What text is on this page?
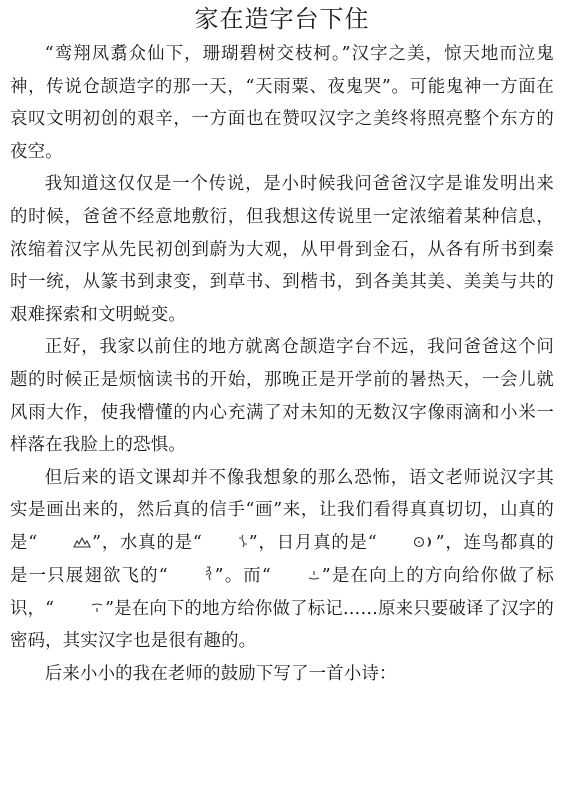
家在造字台下住

“鸾翔凤翥众仙下，珊瑚碧树交枝柯。”汉字之美，惊天地而泣鬼神，传说仓颉造字的那一天，“天雨粟、夜鬼哭”。可能鬼神一方面在哀叹文明初创的艰辛，一方面也在赞叹汉字之美终将照亮整个东方的夜空。

我知道这仅仅是一个传说，是小时候我问爸爸汉字是谁发明出来的时候，爸爸不经意地敷衍，但我想这传说里一定浓缩着某种信息，浓缩着汉字从先民初创到蔚为大观，从甲骨到金石，从各有所书到秦时一统，从篆书到隶变，到草书、到楷书，到各美其美、美美与共的艰难探索和文明蜕变。

正好，我家以前住的地方就离仓颉造字台不远，我问爸爸这个问题的时候正是烦恼读书的开始，那晚正是开学前的暑热天，一会儿就风雨大作，使我懵懂的内心充满了对未知的无数汉字像雨滴和小米一样落在我脸上的恐惧。

但后来的语文课却并不像我想象的那么恐怖，语文老师说汉字其实是画出来的，然后真的信手“画”来，让我们看得真真切切，山真的是“	”，水真的是“	”，日月真的是“	”，连鸟都真的是一只展翅欲飞的“	”。而“	”是在向上的方向给你做了标识，“	”是在向下的地方给你做了标记……原来只要破译了汉字的密码，其实汉字也是很有趣的。

后来小小的我在老师的鼓励下写了一首小诗：
